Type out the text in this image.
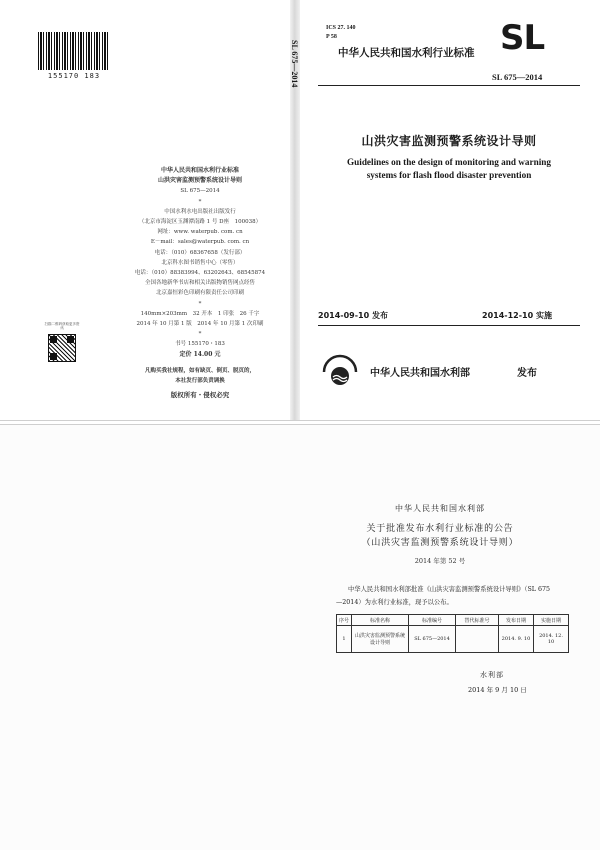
155170 183	SL 675—2014
中华人民共和国水利行业标准
山洪灾害监测预警系统设计导则
SL 675—2014
*
中国水利水电出版社出版发行
（北京市海淀区玉渊潭南路 1 号 D座　100038）
网址：www. waterpub. com. cn
E－mail：sales@waterpub. com. cn
电话：（010）68367658（发行部）
北京科水图书销售中心（零售）
电话：（010）88383994、63202643、68545874
全国各地新华书店和相关出版物销售网点经售
北京嘉恒彩色印刷有限责任公司印刷
*
140mm×203mm　32 开本　1 印张　26 千字
2014 年 10 月第 1 版　2014 年 10 月第 1 次印刷
*
书号 155170・183
定价 14.00 元
凡购买我社规程，如有缺页、倒页、脱页的，
本社发行部负责调换
版权所有・侵权必究
扫描二维码获取更多资讯
ICS 27. 140
P 58	SL
中华人民共和国水利行业标准
SL 675—2014
山洪灾害监测预警系统设计导则
Guidelines on the design of monitoring and warning
systems for flash flood disaster prevention
2014-09-10 发布	2014-12-10 实施
中华人民共和国水利部	发布
中华人民共和国水利部
关于批准发布水利行业标准的公告
（山洪灾害监测预警系统设计导则）
2014 年第 52 号
中华人民共和国水利部批准《山洪灾害监测预警系统设计导则》（SL 675—2014）为水利行业标准，现予以公布。
序号	标准名称	标准编号	替代标准号	发布日期	实施日期
1	山洪灾害监测预警系统设计导则	SL 675—2014		2014. 9. 10	2014. 12. 10
水利部
2014 年 9 月 10 日
